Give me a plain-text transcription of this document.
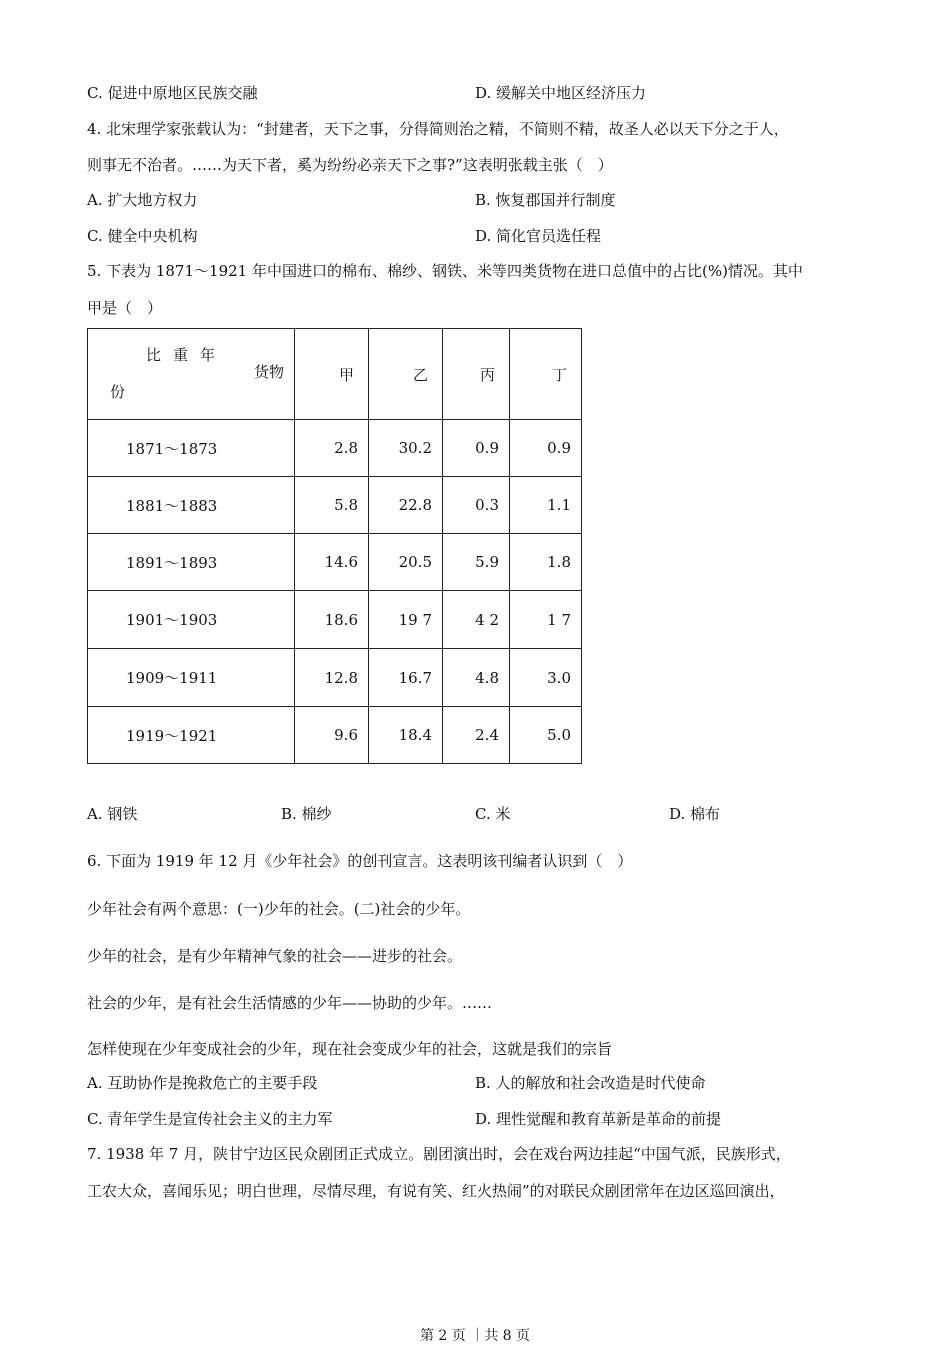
C. 促进中原地区民族交融	D. 缓解关中地区经济压力
4. 北宋理学家张载认为：“封建者，天下之事，分得简则治之精，不简则不精，故圣人必以天下分之于人，
则事无不治者。……为天下者，奚为纷纷必亲天下之事?”这表明张载主张（　）
A. 扩大地方权力	B. 恢复郡国并行制度
C. 健全中央机构	D. 简化官员选任程
5. 下表为 1871～1921 年中国进口的棉布、棉纱、钢铁、米等四类货物在进口总值中的占比(%)情况。其中
甲是（　）
比重年
货物
份	甲	乙	丙	丁
1871～1873	2.8	30.2	0.9	0.9
1881～1883	5.8	22.8	0.3	1.1
1891～1893	14.6	20.5	5.9	1.8
1901～1903	18.6	19 7	4 2	1 7
1909～1911	12.8	16.7	4.8	3.0
1919～1921	9.6	18.4	2.4	5.0
A. 钢铁	B. 棉纱	C. 米	D. 棉布
6. 下面为 1919 年 12 月《少年社会》的创刊宣言。这表明该刊编者认识到（　）
少年社会有两个意思：(一)少年的社会。(二)社会的少年。
少年的社会，是有少年精神气象的社会——进步的社会。
社会的少年，是有社会生活情感的少年——协助的少年。……
怎样使现在少年变成社会的少年，现在社会变成少年的社会，这就是我们的宗旨
A. 互助协作是挽救危亡的主要手段	B. 人的解放和社会改造是时代使命
C. 青年学生是宣传社会主义的主力军	D. 理性觉醒和教育革新是革命的前提
7. 1938 年 7 月，陕甘宁边区民众剧团正式成立。剧团演出时，会在戏台两边挂起“中国气派，民族形式，
工农大众，喜闻乐见；明白世理，尽情尽理，有说有笑、红火热闹”的对联民众剧团常年在边区巡回演出，
第 2 页 ｜共 8 页
